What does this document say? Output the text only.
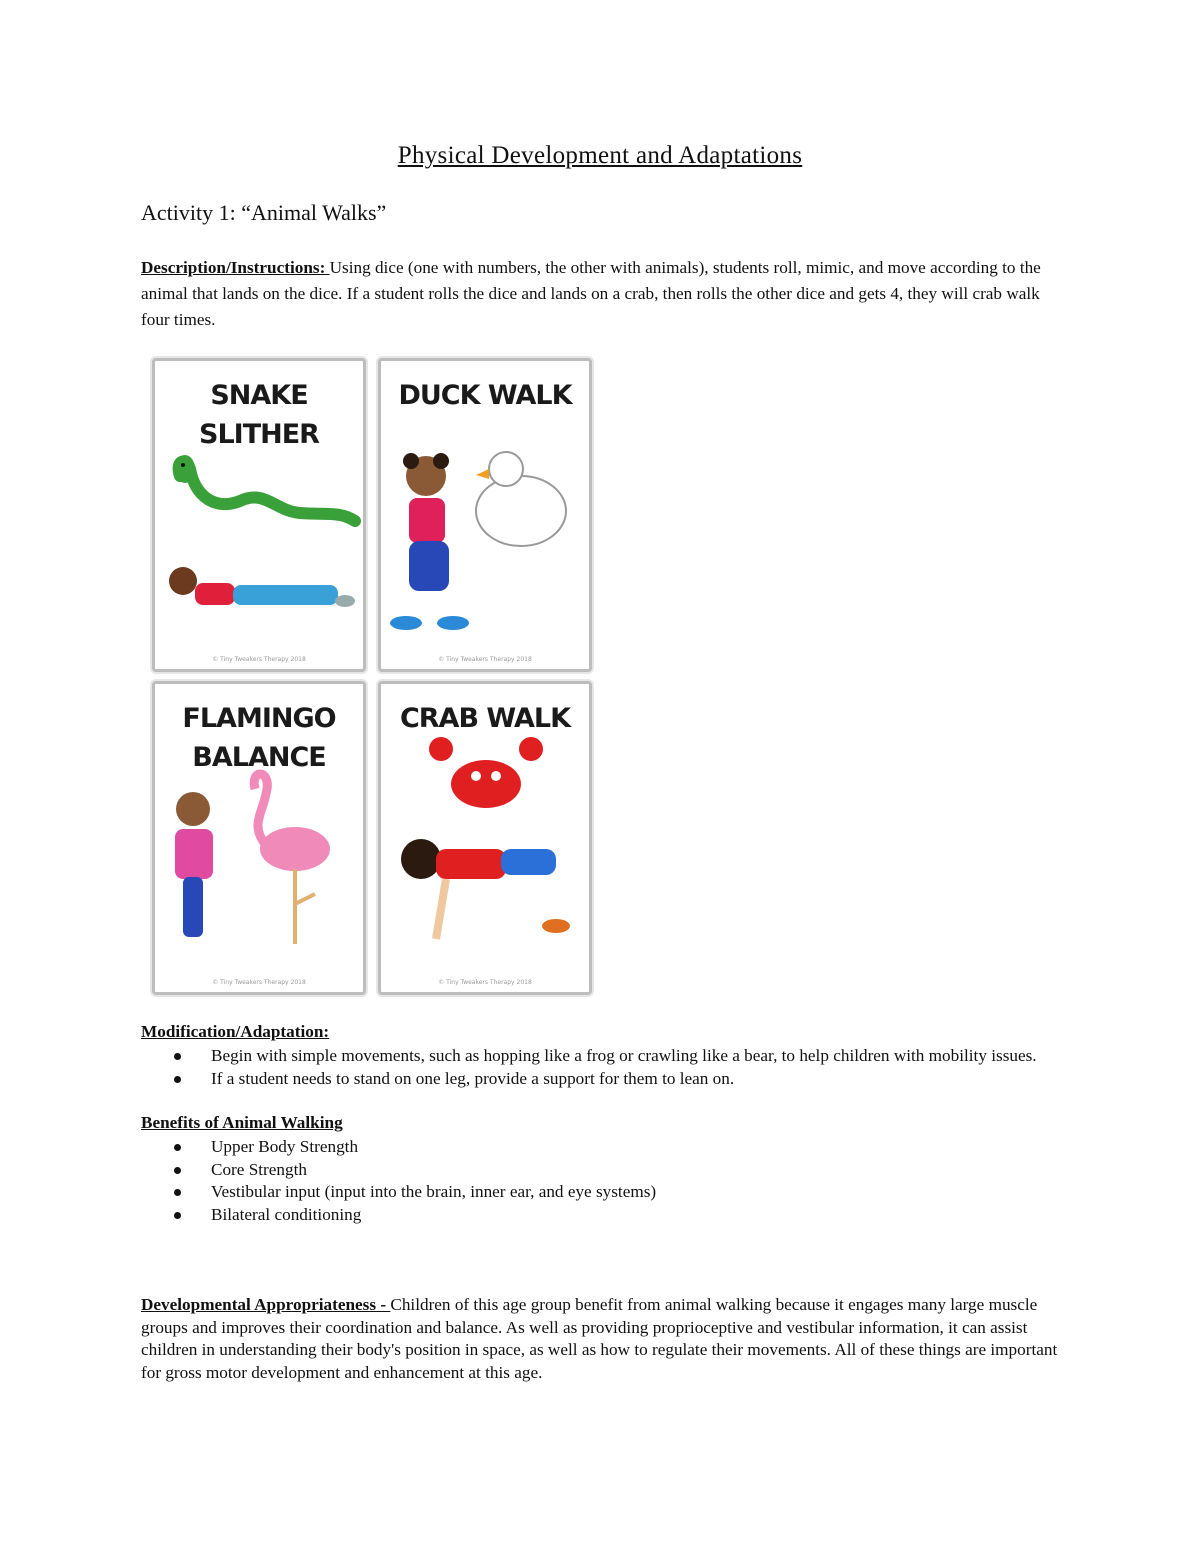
Physical Development and Adaptations
Activity 1: “Animal Walks”
Description/Instructions: Using dice (one with numbers, the other with animals), students roll, mimic, and move according to the animal that lands on the dice. If a student rolls the dice and lands on a crab, then rolls the other dice and gets 4, they will crab walk four times.
SNAKE
SLITHER
© Tiny Tweakers Therapy 2018
DUCK WALK
© Tiny Tweakers Therapy 2018
FLAMINGO
BALANCE
© Tiny Tweakers Therapy 2018
CRAB WALK
© Tiny Tweakers Therapy 2018
Modification/Adaptation:
Begin with simple movements, such as hopping like a frog or crawling like a bear, to help children with mobility issues.
If a student needs to stand on one leg, provide a support for them to lean on.
Benefits of Animal Walking
Upper Body Strength
Core Strength
Vestibular input (input into the brain, inner ear, and eye systems)
Bilateral conditioning
Developmental Appropriateness - Children of this age group benefit from animal walking because it engages many large muscle groups and improves their coordination and balance. As well as providing proprioceptive and vestibular information, it can assist children in understanding their body's position in space, as well as how to regulate their movements. All of these things are important for gross motor development and enhancement at this age.
